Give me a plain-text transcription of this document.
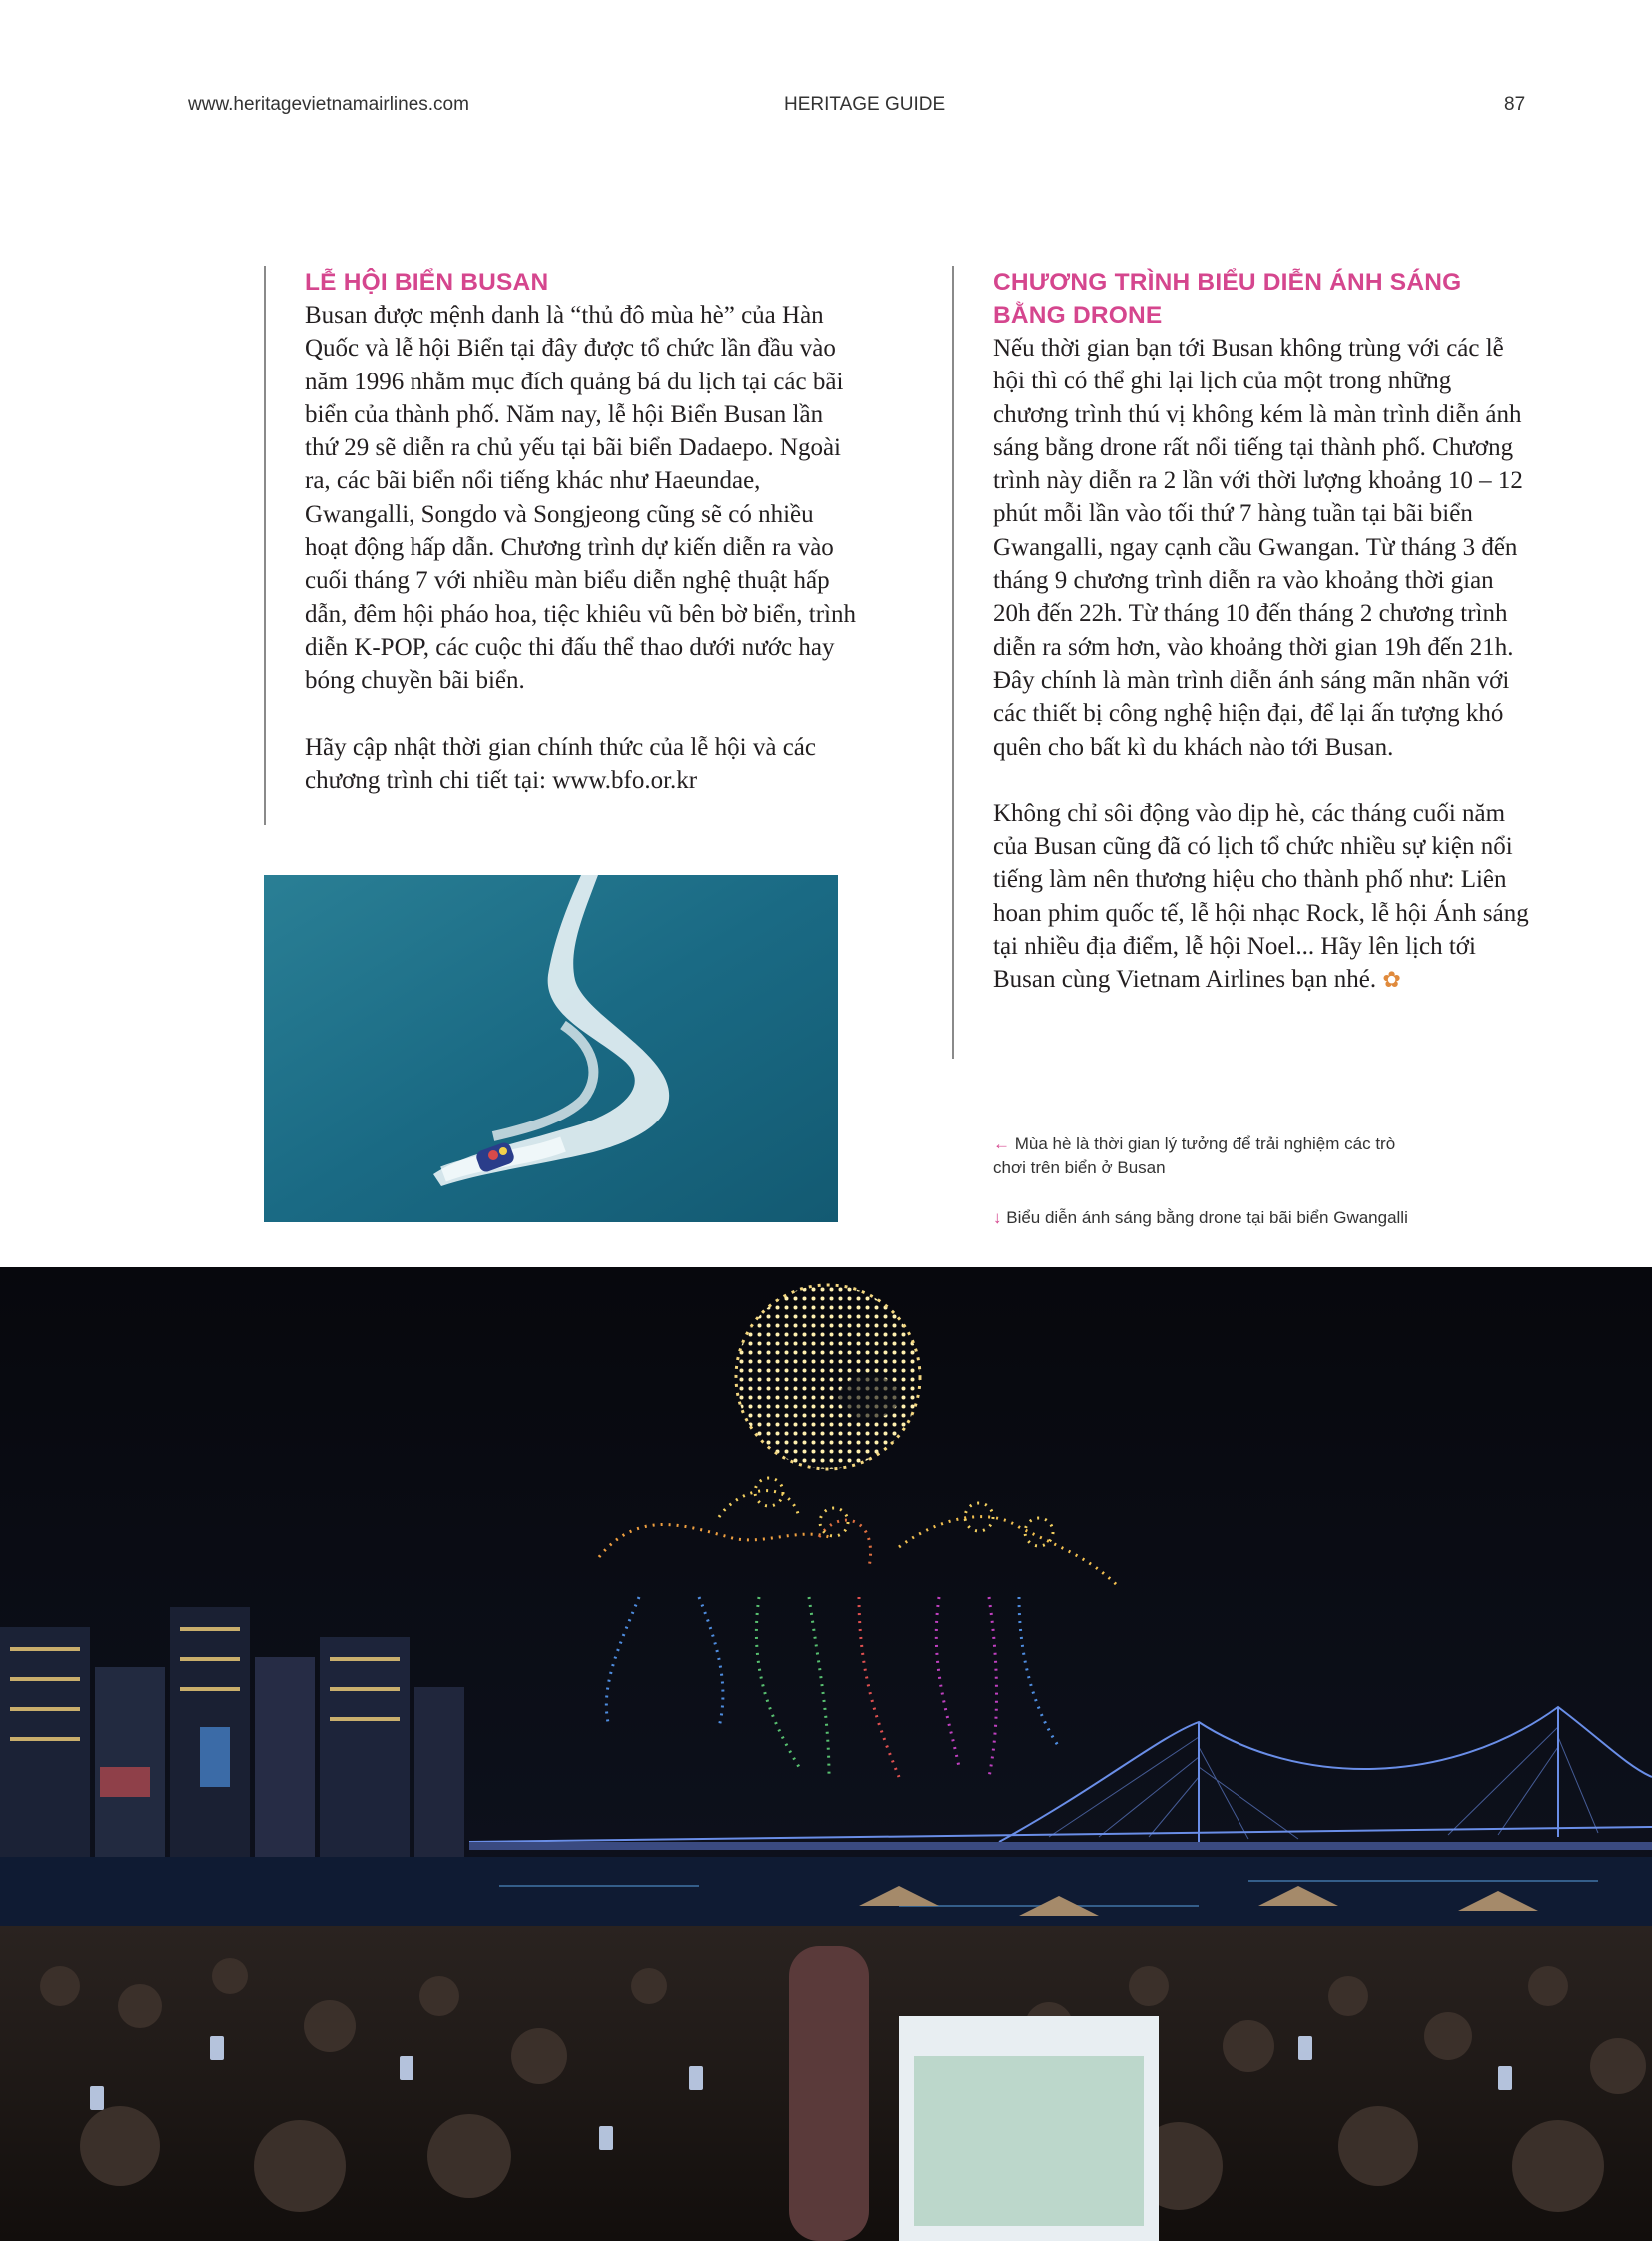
www.heritagevietnamairlines.com	HERITAGE GUIDE	87
LỄ HỘI BIỂN BUSAN

Busan được mệnh danh là “thủ đô mùa hè” của Hàn Quốc và lễ hội Biển tại đây được tổ chức lần đầu vào năm 1996 nhằm mục đích quảng bá du lịch tại các bãi biển của thành phố. Năm nay, lễ hội Biển Busan lần thứ 29 sẽ diễn ra chủ yếu tại bãi biển Dadaepo. Ngoài ra, các bãi biển nổi tiếng khác như Haeundae, Gwangalli, Songdo và Songjeong cũng sẽ có nhiều hoạt động hấp dẫn. Chương trình dự kiến diễn ra vào cuối tháng 7 với nhiều màn biểu diễn nghệ thuật hấp dẫn, đêm hội pháo hoa, tiệc khiêu vũ bên bờ biển, trình diễn K-POP, các cuộc thi đấu thể thao dưới nước hay bóng chuyền bãi biển.

Hãy cập nhật thời gian chính thức của lễ hội và các chương trình chi tiết tại: www.bfo.or.kr

CHƯƠNG TRÌNH BIỂU DIỄN ÁNH SÁNG BẰNG DRONE

Nếu thời gian bạn tới Busan không trùng với các lễ hội thì có thể ghi lại lịch của một trong những chương trình thú vị không kém là màn trình diễn ánh sáng bằng drone rất nổi tiếng tại thành phố. Chương trình này diễn ra 2 lần với thời lượng khoảng 10 – 12 phút mỗi lần vào tối thứ 7 hàng tuần tại bãi biển Gwangalli, ngay cạnh cầu Gwangan. Từ tháng 3 đến tháng 9 chương trình diễn ra vào khoảng thời gian 20h đến 22h. Từ tháng 10 đến tháng 2 chương trình diễn ra sớm hơn, vào khoảng thời gian 19h đến 21h. Đây chính là màn trình diễn ánh sáng mãn nhãn với các thiết bị công nghệ hiện đại, để lại ấn tượng khó quên cho bất kì du khách nào tới Busan.

Không chỉ sôi động vào dịp hè, các tháng cuối năm của Busan cũng đã có lịch tổ chức nhiều sự kiện nổi tiếng làm nên thương hiệu cho thành phố như: Liên hoan phim quốc tế, lễ hội nhạc Rock, lễ hội Ánh sáng tại nhiều địa điểm, lễ hội Noel... Hãy lên lịch tới Busan cùng Vietnam Airlines bạn nhé. ✿

← Mùa hè là thời gian lý tưởng để trải nghiệm các trò chơi trên biển ở Busan
↓ Biểu diễn ánh sáng bằng drone tại bãi biển Gwangalli
